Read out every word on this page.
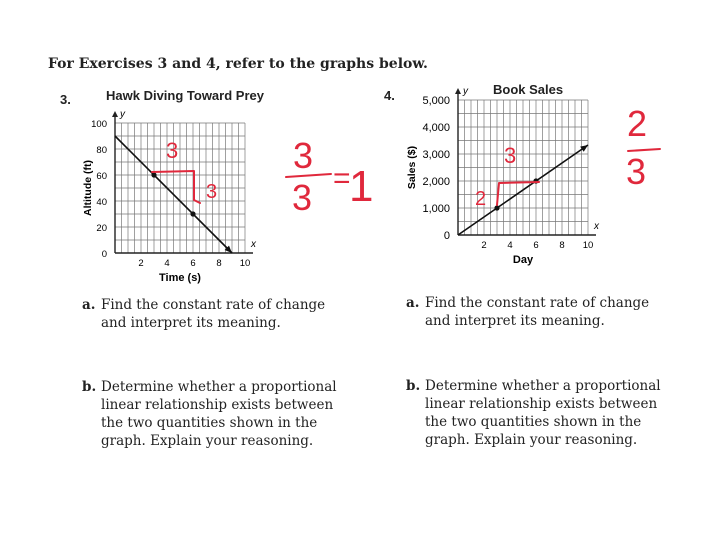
For Exercises 3 and 4, refer to the graphs below.
3.	Hawk Diving Toward Prey	4.	Book Sales
y
x
2 4 6 8 10
0
20
40
60
80
100
Time (s)
Altitude (ft)
y
x
2 4 6 8 10
0
1,000
2,000
3,000
4,000
5,000
Day
Sales ($)
3
3
3
3 =
1
3
2
2
3
a. Find the constant rate of change and interpret its meaning.
b. Determine whether a proportional linear relationship exists between the two quantities shown in the graph. Explain your reasoning.
a. Find the constant rate of change and interpret its meaning.
b. Determine whether a proportional linear relationship exists between the two quantities shown in the graph. Explain your reasoning.
